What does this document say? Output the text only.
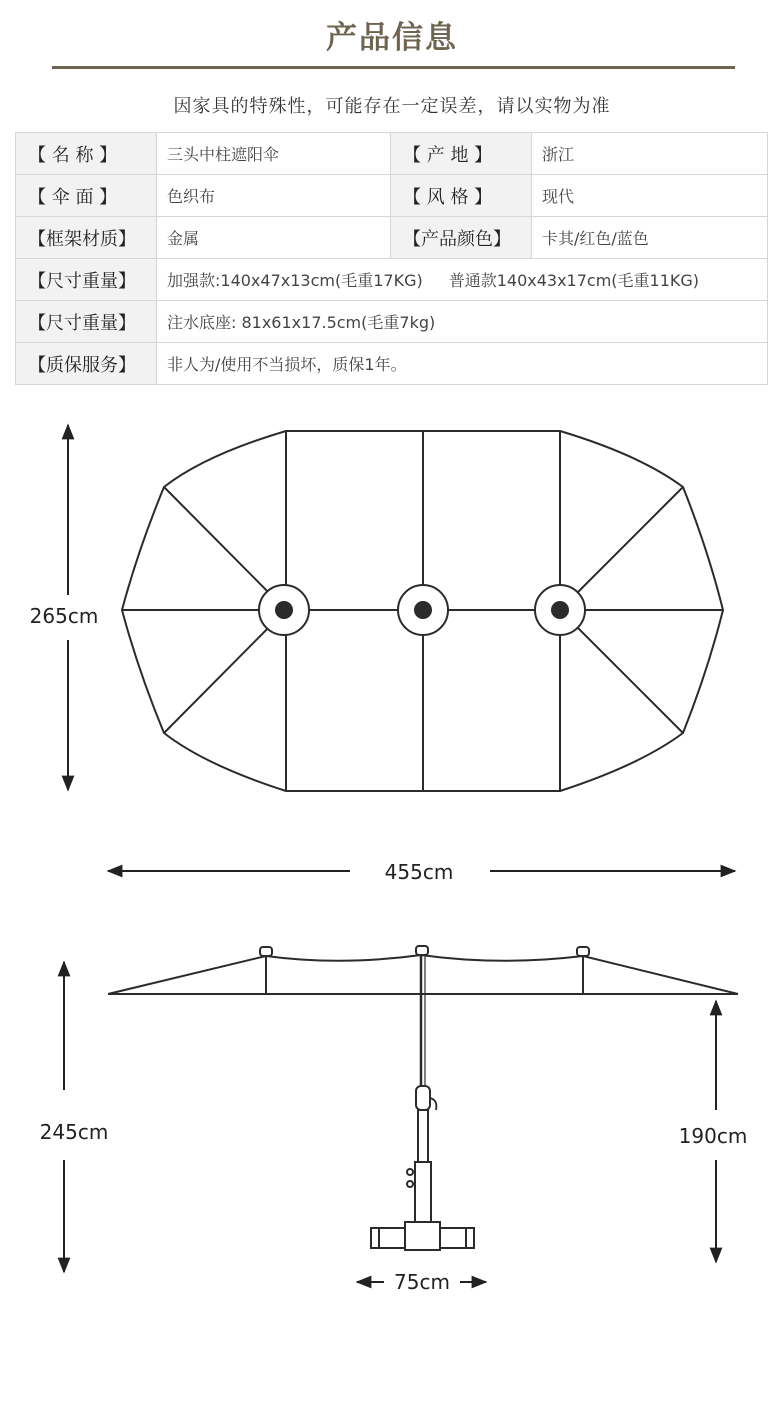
产品信息
因家具的特殊性，可能存在一定误差，请以实物为准
【 名 称 】	三头中柱遮阳伞	【 产 地 】	浙江
【 伞 面 】	色织布	【 风 格 】	现代
【框架材质】	金属	【产品颜色】	卡其/红色/蓝色
【尺寸重量】	加强款:140x47x13cm(毛重17KG) 普通款140x43x17cm(毛重11KG)		
【尺寸重量】	注水底座: 81x61x17.5cm(毛重7kg)		
【质保服务】	非人为/使用不当损坏，质保1年。		
265cm
455cm
245cm	190cm
75cm
